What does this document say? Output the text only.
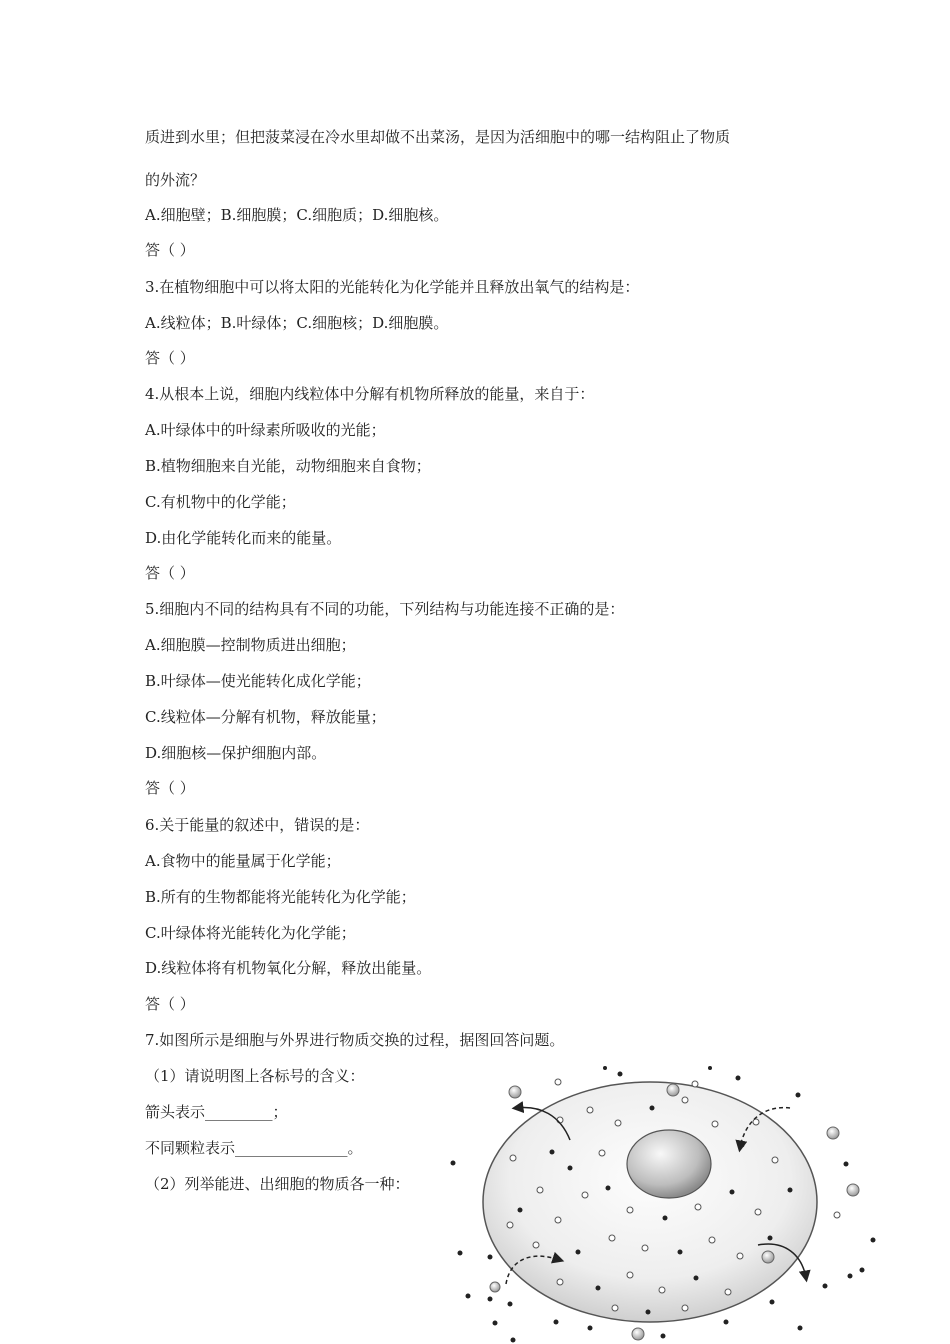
质进到水里；但把菠菜浸在冷水里却做不出菜汤，是因为活细胞中的哪一结构阻止了物质
的外流？
A.细胞壁；B.细胞膜；C.细胞质；D.细胞核。
答（ ）
3.在植物细胞中可以将太阳的光能转化为化学能并且释放出氧气的结构是：
A.线粒体；B.叶绿体；C.细胞核；D.细胞膜。
答（ ）
4.从根本上说，细胞内线粒体中分解有机物所释放的能量，来自于：
A.叶绿体中的叶绿素所吸收的光能；
B.植物细胞来自光能，动物细胞来自食物；
C.有机物中的化学能；
D.由化学能转化而来的能量。
答（ ）
5.细胞内不同的结构具有不同的功能，下列结构与功能连接不正确的是：
A.细胞膜—控制物质进出细胞；
B.叶绿体—使光能转化成化学能；
C.线粒体—分解有机物，释放能量；
D.细胞核—保护细胞内部。
答（ ）
6.关于能量的叙述中，错误的是：
A.食物中的能量属于化学能；
B.所有的生物都能将光能转化为化学能；
C.叶绿体将光能转化为化学能；
D.线粒体将有机物氧化分解，释放出能量。
答（ ）
7.如图所示是细胞与外界进行物质交换的过程，据图回答问题。
（1）请说明图上各标号的含义：
箭头表示_________；
不同颗粒表示_______________。
（2）列举能进、出细胞的物质各一种：
